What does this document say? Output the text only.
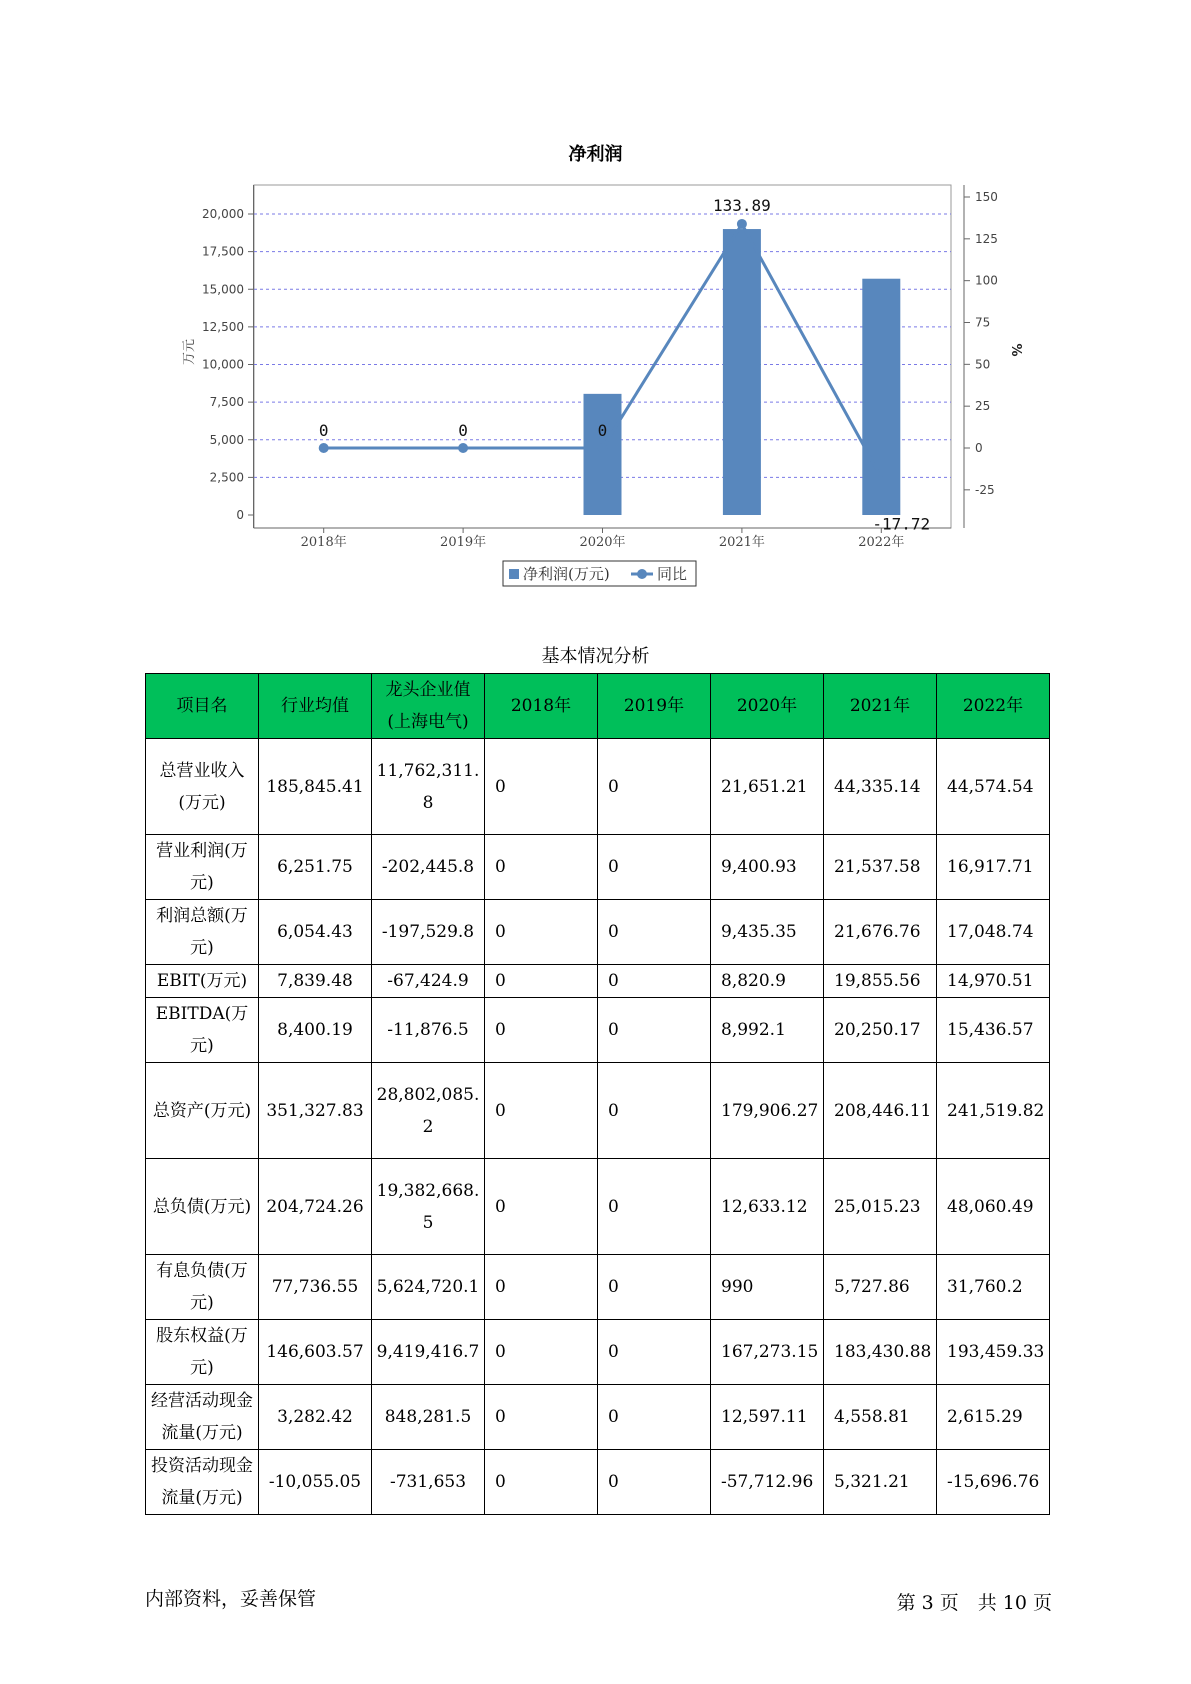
净利润
0
2,500
5,000
7,500
10,000
12,500
15,000
17,500
20,000
-25
0
25
50
75
100
125
150
万元	%
2018年	2019年	2020年	2021年	2022年
0	0	0
133.89
-17.72
净利润(万元)	同比
基本情况分析
项目名	行业均值	龙头企业值(上海电气)	2018年	2019年	2020年	2021年	2022年
总营业收入(万元)	185,845.41	11,762,311.8	0	0	21,651.21	44,335.14	44,574.54
营业利润(万元)	6,251.75	-202,445.8	0	0	9,400.93	21,537.58	16,917.71
利润总额(万元)	6,054.43	-197,529.8	0	0	9,435.35	21,676.76	17,048.74
EBIT(万元)	7,839.48	-67,424.9	0	0	8,820.9	19,855.56	14,970.51
EBITDA(万元)	8,400.19	-11,876.5	0	0	8,992.1	20,250.17	15,436.57
总资产(万元)	351,327.83	28,802,085.2	0	0	179,906.27	208,446.11	241,519.82
总负债(万元)	204,724.26	19,382,668.5	0	0	12,633.12	25,015.23	48,060.49
有息负债(万元)	77,736.55	5,624,720.1	0	0	990	5,727.86	31,760.2
股东权益(万元)	146,603.57	9,419,416.7	0	0	167,273.15	183,430.88	193,459.33
经营活动现金流量(万元)	3,282.42	848,281.5	0	0	12,597.11	4,558.81	2,615.29
投资活动现金流量(万元)	-10,055.05	-731,653	0	0	-57,712.96	5,321.21	-15,696.76
内部资料，妥善保管	第 3 页　共 10 页
